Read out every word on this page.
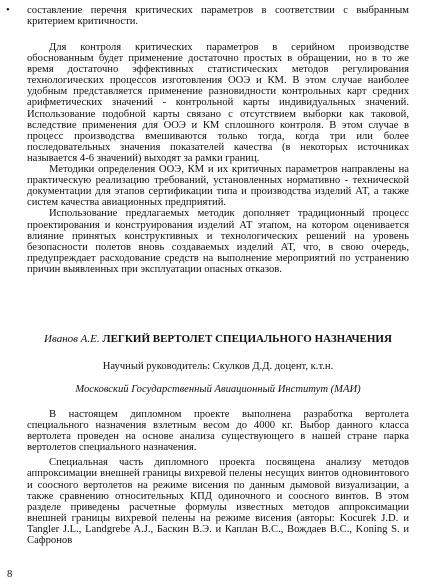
• составление перечня критических параметров в соответствии с выбранным критерием критичности.

Для контроля критических параметров в серийном производстве обоснованным будет применение достаточно простых в обращении, но в то же время достаточно эффективных статистических методов регулирования технологических процессов изготовления ООЭ и КМ. В этом случае наиболее удобным представляется применение разновидности контрольных карт средних арифметических значений - контрольной карты индивидуальных значений. Использование подобной карты связано с отсутствием выборки как таковой, вследствие применения для ООЭ и КМ сплошного контроля. В этом случае в процесс производства вмешиваются только тогда, когда три или более последовательных значения показателей качества (в некоторых источниках называется 4-6 значений) выходят за рамки границ.

Методики определения ООЭ, КМ и их критичных параметров направлены на практическую реализацию требований, установленных нормативно - технической документации для этапов сертификации типа и производства изделий АТ, а также систем качества авиационных предприятий.

Использование предлагаемых методик дополняет традиционный процесс проектирования и конструирования изделий АТ этапом, на котором оценивается влияние принятых конструктивных и технологических решений на уровень безопасности полетов вновь создаваемых изделий АТ, что, в свою очередь, предупреждает расходование средств на выполнение мероприятий по устранению причин выявленных при эксплуатации опасных отказов.

Иванов А.Е. ЛЕГКИЙ ВЕРТОЛЕТ СПЕЦИАЛЬНОГО НАЗНАЧЕНИЯ
Научный руководитель: Скулков Д.Д. доцент, к.т.н.
Московский Государственный Авиационный Институт (МАИ)

В настоящем дипломном проекте выполнена разработка вертолета специального назначения взлетным весом до 4000 кг. Выбор данного класса вертолета проведен на основе анализа существующего в нашей стране парка вертолетов специального назначения.

Специальная часть дипломного проекта посвящена анализу методов аппроксимации внешней границы вихревой пелены несущих винтов одновинтового и соосного вертолетов на режиме висения по данным дымовой визуализации, а также сравнению относительных КПД одиночного и соосного винтов. В этом разделе приведены расчетные формулы известных методов аппроксимации внешней границы вихревой пелены на режиме висения (авторы: Kocurek J.D. и Tangler J.L., Landgrebe A.J., Баскин В.Э. и Каплан В.С., Вождаев В.С., Koning S. и Сафронов

8
